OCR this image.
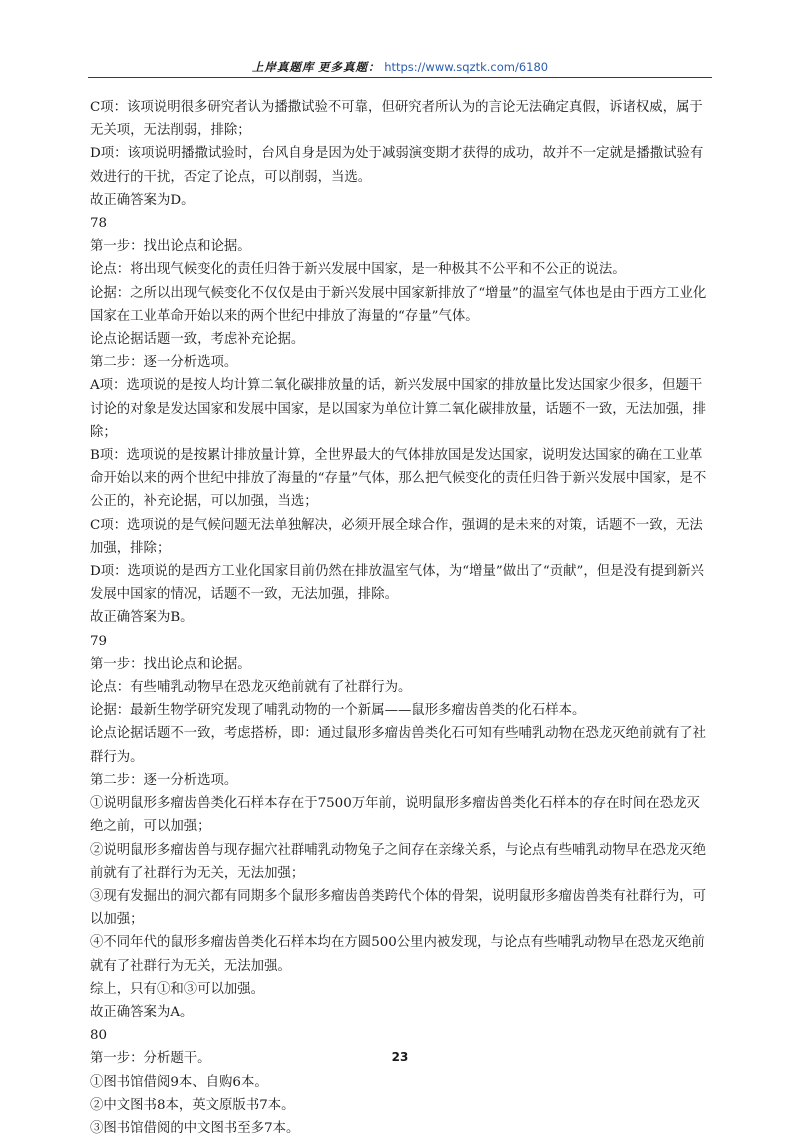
上岸真题库 更多真题： https://www.sqztk.com/6180

C项：该项说明很多研究者认为播撒试验不可靠，但研究者所认为的言论无法确定真假，诉诸权威，属于无关项，无法削弱，排除；

D项：该项说明播撒试验时，台风自身是因为处于减弱演变期才获得的成功，故并不一定就是播撒试验有效进行的干扰，否定了论点，可以削弱，当选。

故正确答案为D。

78

第一步：找出论点和论据。

论点：将出现气候变化的责任归咎于新兴发展中国家，是一种极其不公平和不公正的说法。

论据：之所以出现气候变化不仅仅是由于新兴发展中国家新排放了“增量”的温室气体也是由于西方工业化国家在工业革命开始以来的两个世纪中排放了海量的“存量”气体。

论点论据话题一致，考虑补充论据。

第二步：逐一分析选项。

A项：选项说的是按人均计算二氧化碳排放量的话，新兴发展中国家的排放量比发达国家少很多，但题干讨论的对象是发达国家和发展中国家，是以国家为单位计算二氧化碳排放量，话题不一致，无法加强，排除；

B项：选项说的是按累计排放量计算，全世界最大的气体排放国是发达国家，说明发达国家的确在工业革命开始以来的两个世纪中排放了海量的“存量”气体，那么把气候变化的责任归咎于新兴发展中国家，是不公正的，补充论据，可以加强，当选；

C项：选项说的是气候问题无法单独解决，必须开展全球合作，强调的是未来的对策，话题不一致，无法加强，排除；

D项：选项说的是西方工业化国家目前仍然在排放温室气体，为“增量”做出了“贡献”，但是没有提到新兴发展中国家的情况，话题不一致，无法加强，排除。

故正确答案为B。

79

第一步：找出论点和论据。

论点：有些哺乳动物早在恐龙灭绝前就有了社群行为。

论据：最新生物学研究发现了哺乳动物的一个新属——鼠形多瘤齿兽类的化石样本。

论点论据话题不一致，考虑搭桥，即：通过鼠形多瘤齿兽类化石可知有些哺乳动物在恐龙灭绝前就有了社群行为。

第二步：逐一分析选项。

①说明鼠形多瘤齿兽类化石样本存在于7500万年前，说明鼠形多瘤齿兽类化石样本的存在时间在恐龙灭绝之前，可以加强；

②说明鼠形多瘤齿兽与现存掘穴社群哺乳动物兔子之间存在亲缘关系，与论点有些哺乳动物早在恐龙灭绝前就有了社群行为无关，无法加强；

③现有发掘出的洞穴都有同期多个鼠形多瘤齿兽类跨代个体的骨架，说明鼠形多瘤齿兽类有社群行为，可以加强；

④不同年代的鼠形多瘤齿兽类化石样本均在方圆500公里内被发现，与论点有些哺乳动物早在恐龙灭绝前就有了社群行为无关，无法加强。

综上，只有①和③可以加强。

故正确答案为A。

80

第一步：分析题干。

①图书馆借阅9本、自购6本。

②中文图书8本，英文原版书7本。

③图书馆借阅的中文图书至多7本。

23
